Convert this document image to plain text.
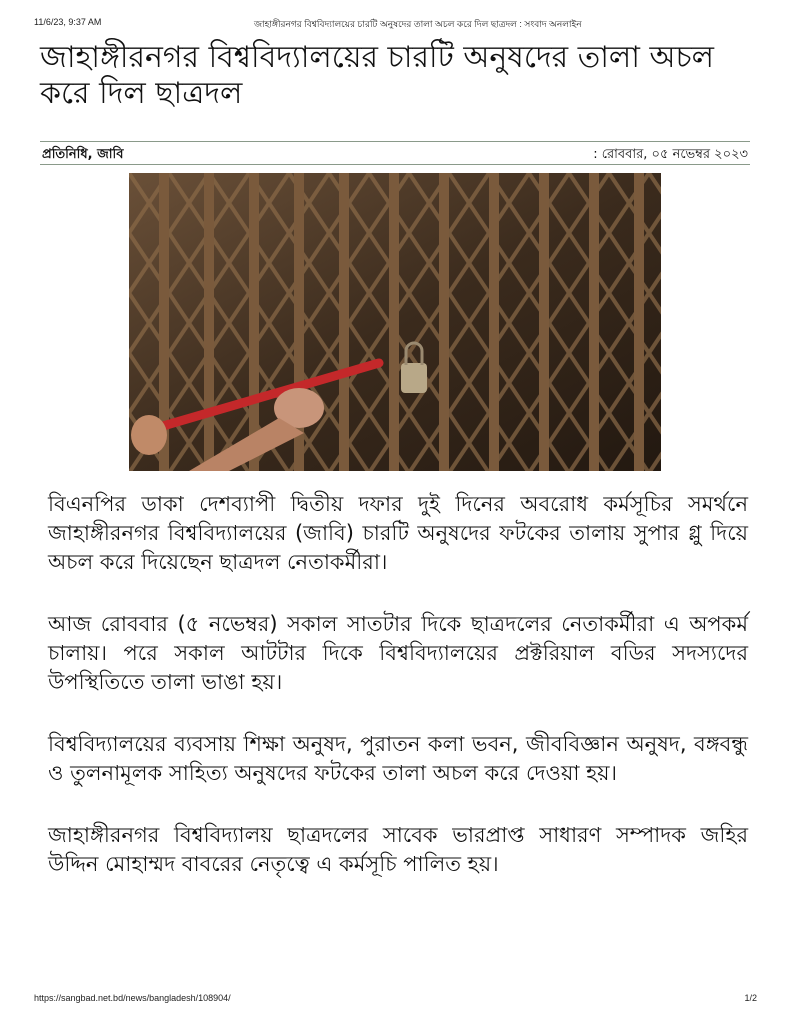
11/6/23, 9:37 AM	জাহাঙ্গীরনগর বিশ্ববিদ্যালয়ের চারটি অনুষদের তালা অচল করে দিল ছাত্রদল : সংবাদ অনলাইন
জাহাঙ্গীরনগর বিশ্ববিদ্যালয়ের চারটি অনুষদের তালা অচল করে দিল ছাত্রদল
প্রতিনিধি, জাবি	: রোববার, ০৫ নভেম্বর ২০২৩

বিএনপির ডাকা দেশব্যাপী দ্বিতীয় দফার দুই দিনের অবরোধ কর্মসূচির সমর্থনে জাহাঙ্গীরনগর বিশ্ববিদ্যালয়ের (জাবি) চারটি অনুষদের ফটকের তালায় সুপার গ্লু দিয়ে অচল করে দিয়েছেন ছাত্রদল নেতাকর্মীরা।

আজ রোববার (৫ নভেম্বর) সকাল সাতটার দিকে ছাত্রদলের নেতাকর্মীরা এ অপকর্ম চালায়। পরে সকাল আটটার দিকে বিশ্ববিদ্যালয়ের প্রক্টরিয়াল বডির সদস্যদের উপস্থিতিতে তালা ভাঙা হয়।

বিশ্ববিদ্যালয়ের ব্যবসায় শিক্ষা অনুষদ, পুরাতন কলা ভবন, জীববিজ্ঞান অনুষদ, বঙ্গবন্ধু ও তুলনামূলক সাহিত্য অনুষদের ফটকের তালা অচল করে দেওয়া হয়।

জাহাঙ্গীরনগর বিশ্ববিদ্যালয় ছাত্রদলের সাবেক ভারপ্রাপ্ত সাধারণ সম্পাদক জহির উদ্দিন মোহাম্মদ বাবরের নেতৃত্বে এ কর্মসূচি পালিত হয়।

https://sangbad.net.bd/news/bangladesh/108904/	1/2
